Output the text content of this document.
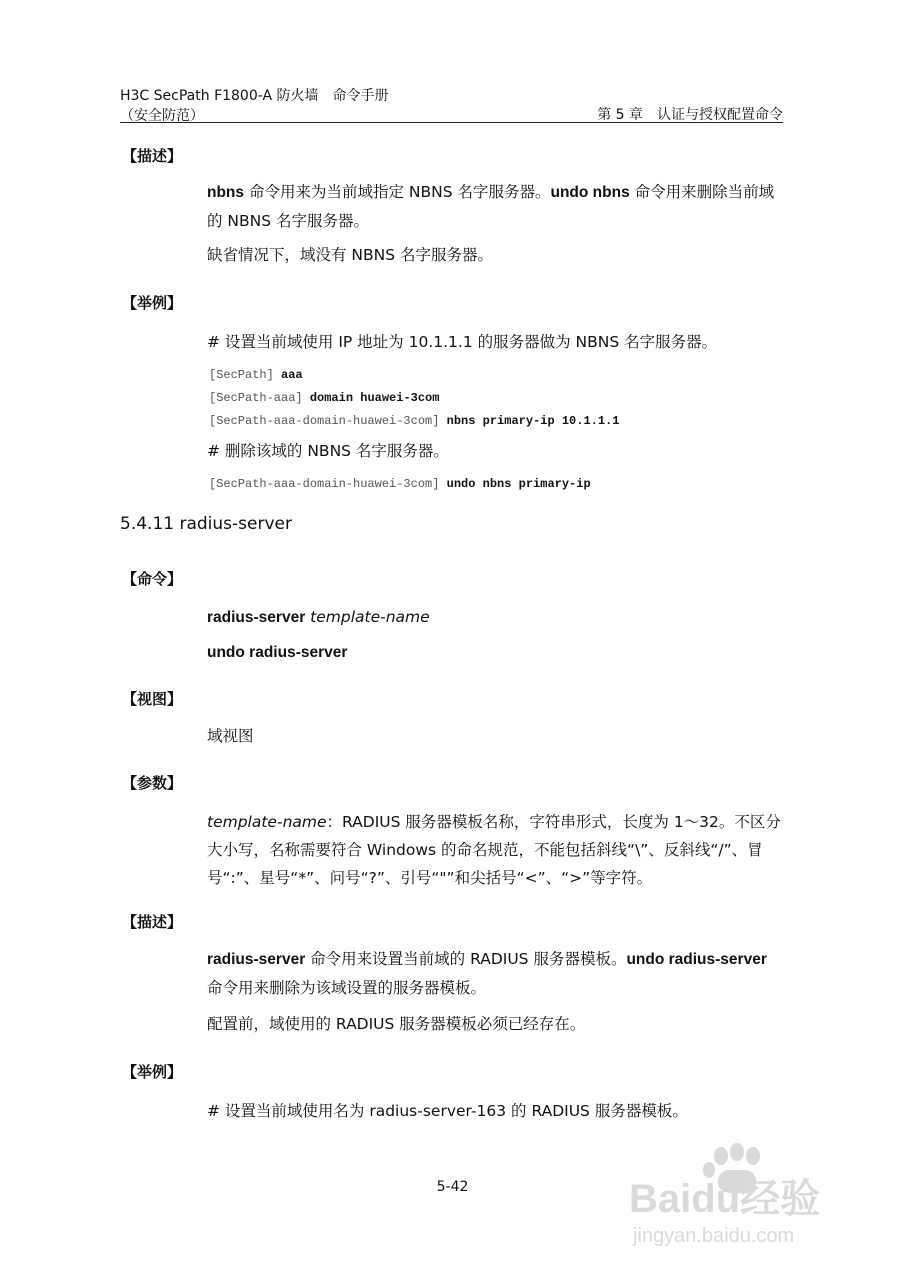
H3C SecPath F1800-A 防火墙　命令手册
（安全防范）	第 5 章　认证与授权配置命令
【描述】
nbns 命令用来为当前域指定 NBNS 名字服务器。undo nbns 命令用来删除当前域的 NBNS 名字服务器。
缺省情况下，域没有 NBNS 名字服务器。
【举例】
# 设置当前域使用 IP 地址为 10.1.1.1 的服务器做为 NBNS 名字服务器。
[SecPath] aaa
[SecPath-aaa] domain huawei-3com
[SecPath-aaa-domain-huawei-3com] nbns primary-ip 10.1.1.1
# 删除该域的 NBNS 名字服务器。
[SecPath-aaa-domain-huawei-3com] undo nbns primary-ip
5.4.11 radius-server
【命令】
radius-server template-name
undo radius-server
【视图】
域视图
【参数】
template-name：RADIUS 服务器模板名称，字符串形式，长度为 1～32。不区分大小写，名称需要符合 Windows 的命名规范，不能包括斜线“\”、反斜线“/”、冒号“:”、星号“*”、问号“?”、引号“"”和尖括号“<”、“>”等字符。
【描述】
radius-server 命令用来设置当前域的 RADIUS 服务器模板。undo radius-server 命令用来删除为该域设置的服务器模板。
配置前，域使用的 RADIUS 服务器模板必须已经存在。
【举例】
# 设置当前域使用名为 radius-server-163 的 RADIUS 服务器模板。
5-42	Baidu经验
jingyan.baidu.com
